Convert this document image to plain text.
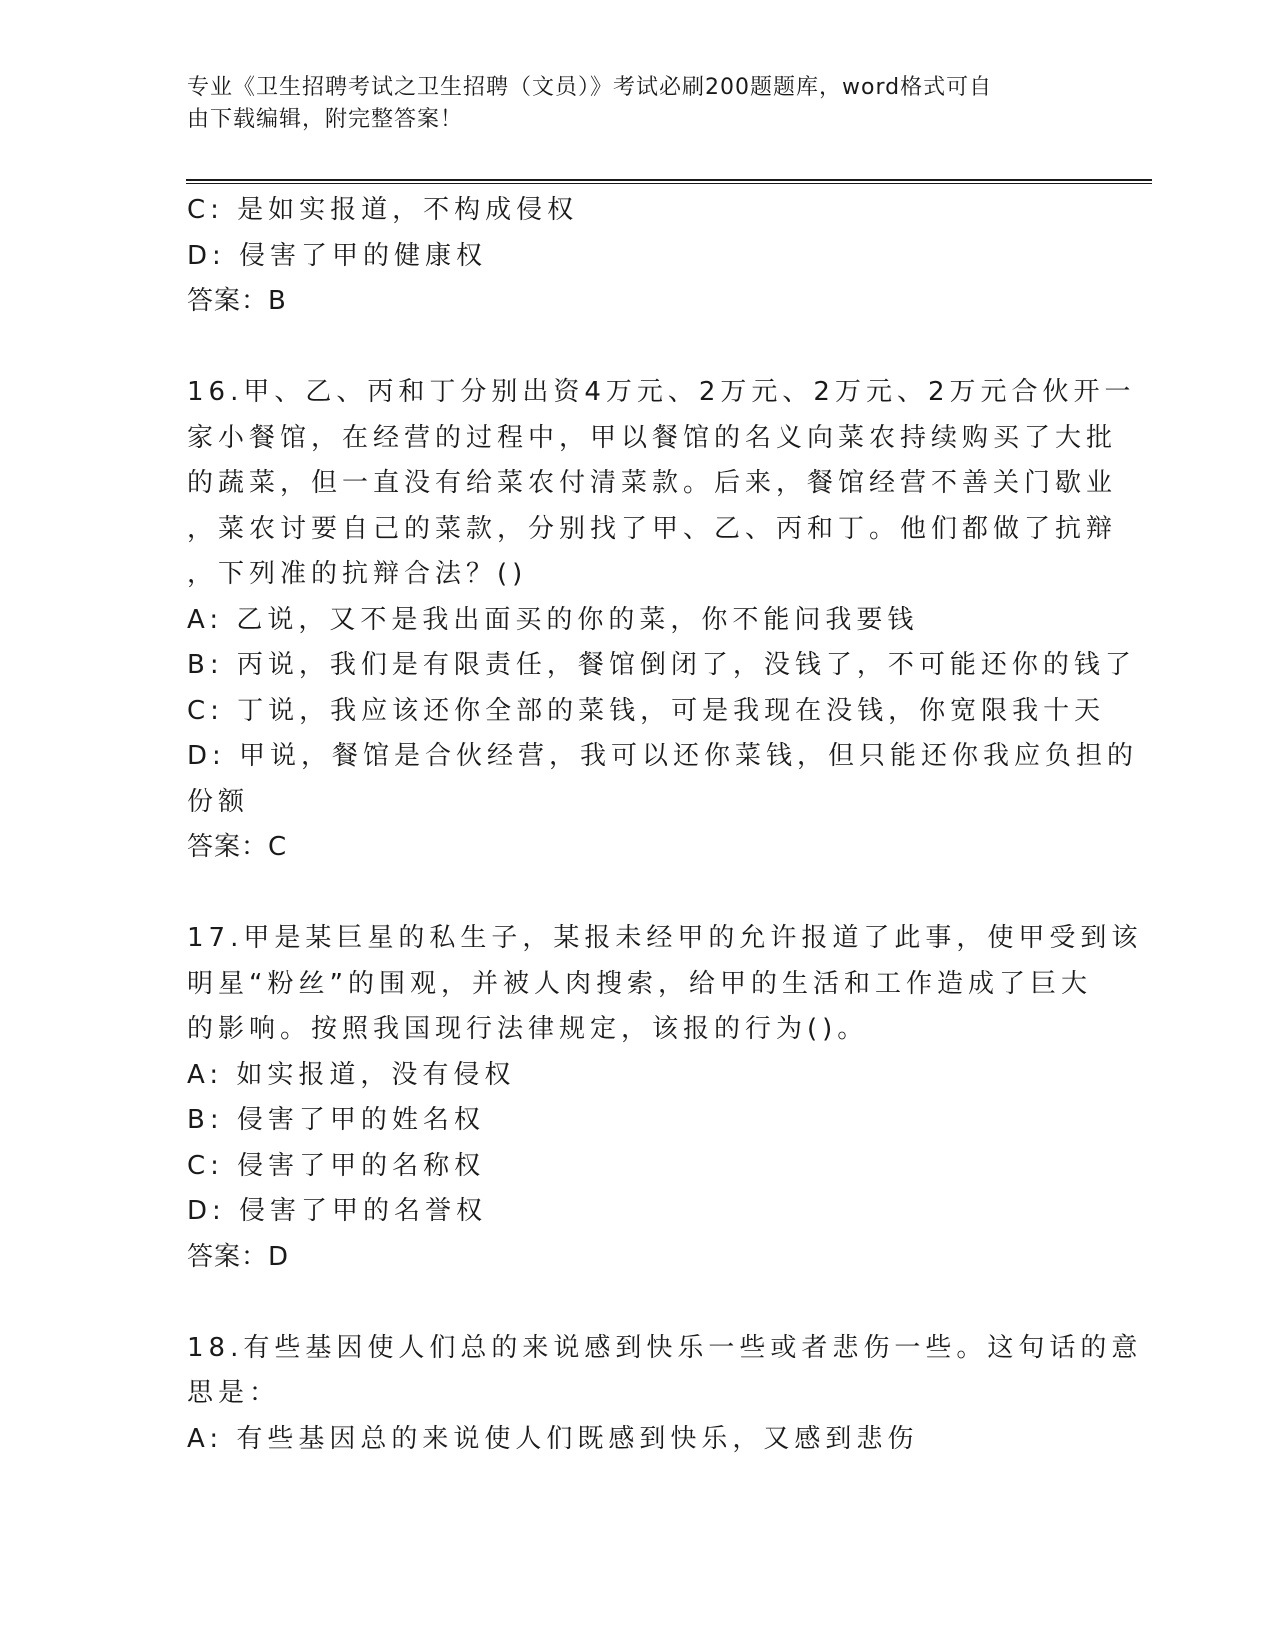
专业《卫生招聘考试之卫生招聘（文员）》考试必刷200题题库，word格式可自
由下载编辑，附完整答案！
C: 是如实报道，不构成侵权
D: 侵害了甲的健康权
答案：B
16.甲、乙、丙和丁分别出资4万元、2万元、2万元、2万元合伙开一
家小餐馆，在经营的过程中，甲以餐馆的名义向菜农持续购买了大批
的蔬菜，但一直没有给菜农付清菜款。后来，餐馆经营不善关门歇业
，菜农讨要自己的菜款，分别找了甲、乙、丙和丁。他们都做了抗辩
，下列准的抗辩合法？()
A: 乙说，又不是我出面买的你的菜，你不能问我要钱
B: 丙说，我们是有限责任，餐馆倒闭了，没钱了，不可能还你的钱了
C: 丁说，我应该还你全部的菜钱，可是我现在没钱，你宽限我十天
D: 甲说，餐馆是合伙经营，我可以还你菜钱，但只能还你我应负担的
份额
答案：C
17.甲是某巨星的私生子，某报未经甲的允许报道了此事，使甲受到该
明星“粉丝”的围观，并被人肉搜索，给甲的生活和工作造成了巨大
的影响。按照我国现行法律规定，该报的行为()。
A: 如实报道，没有侵权
B: 侵害了甲的姓名权
C: 侵害了甲的名称权
D: 侵害了甲的名誉权
答案：D
18.有些基因使人们总的来说感到快乐一些或者悲伤一些。这句话的意
思是：
A: 有些基因总的来说使人们既感到快乐，又感到悲伤
